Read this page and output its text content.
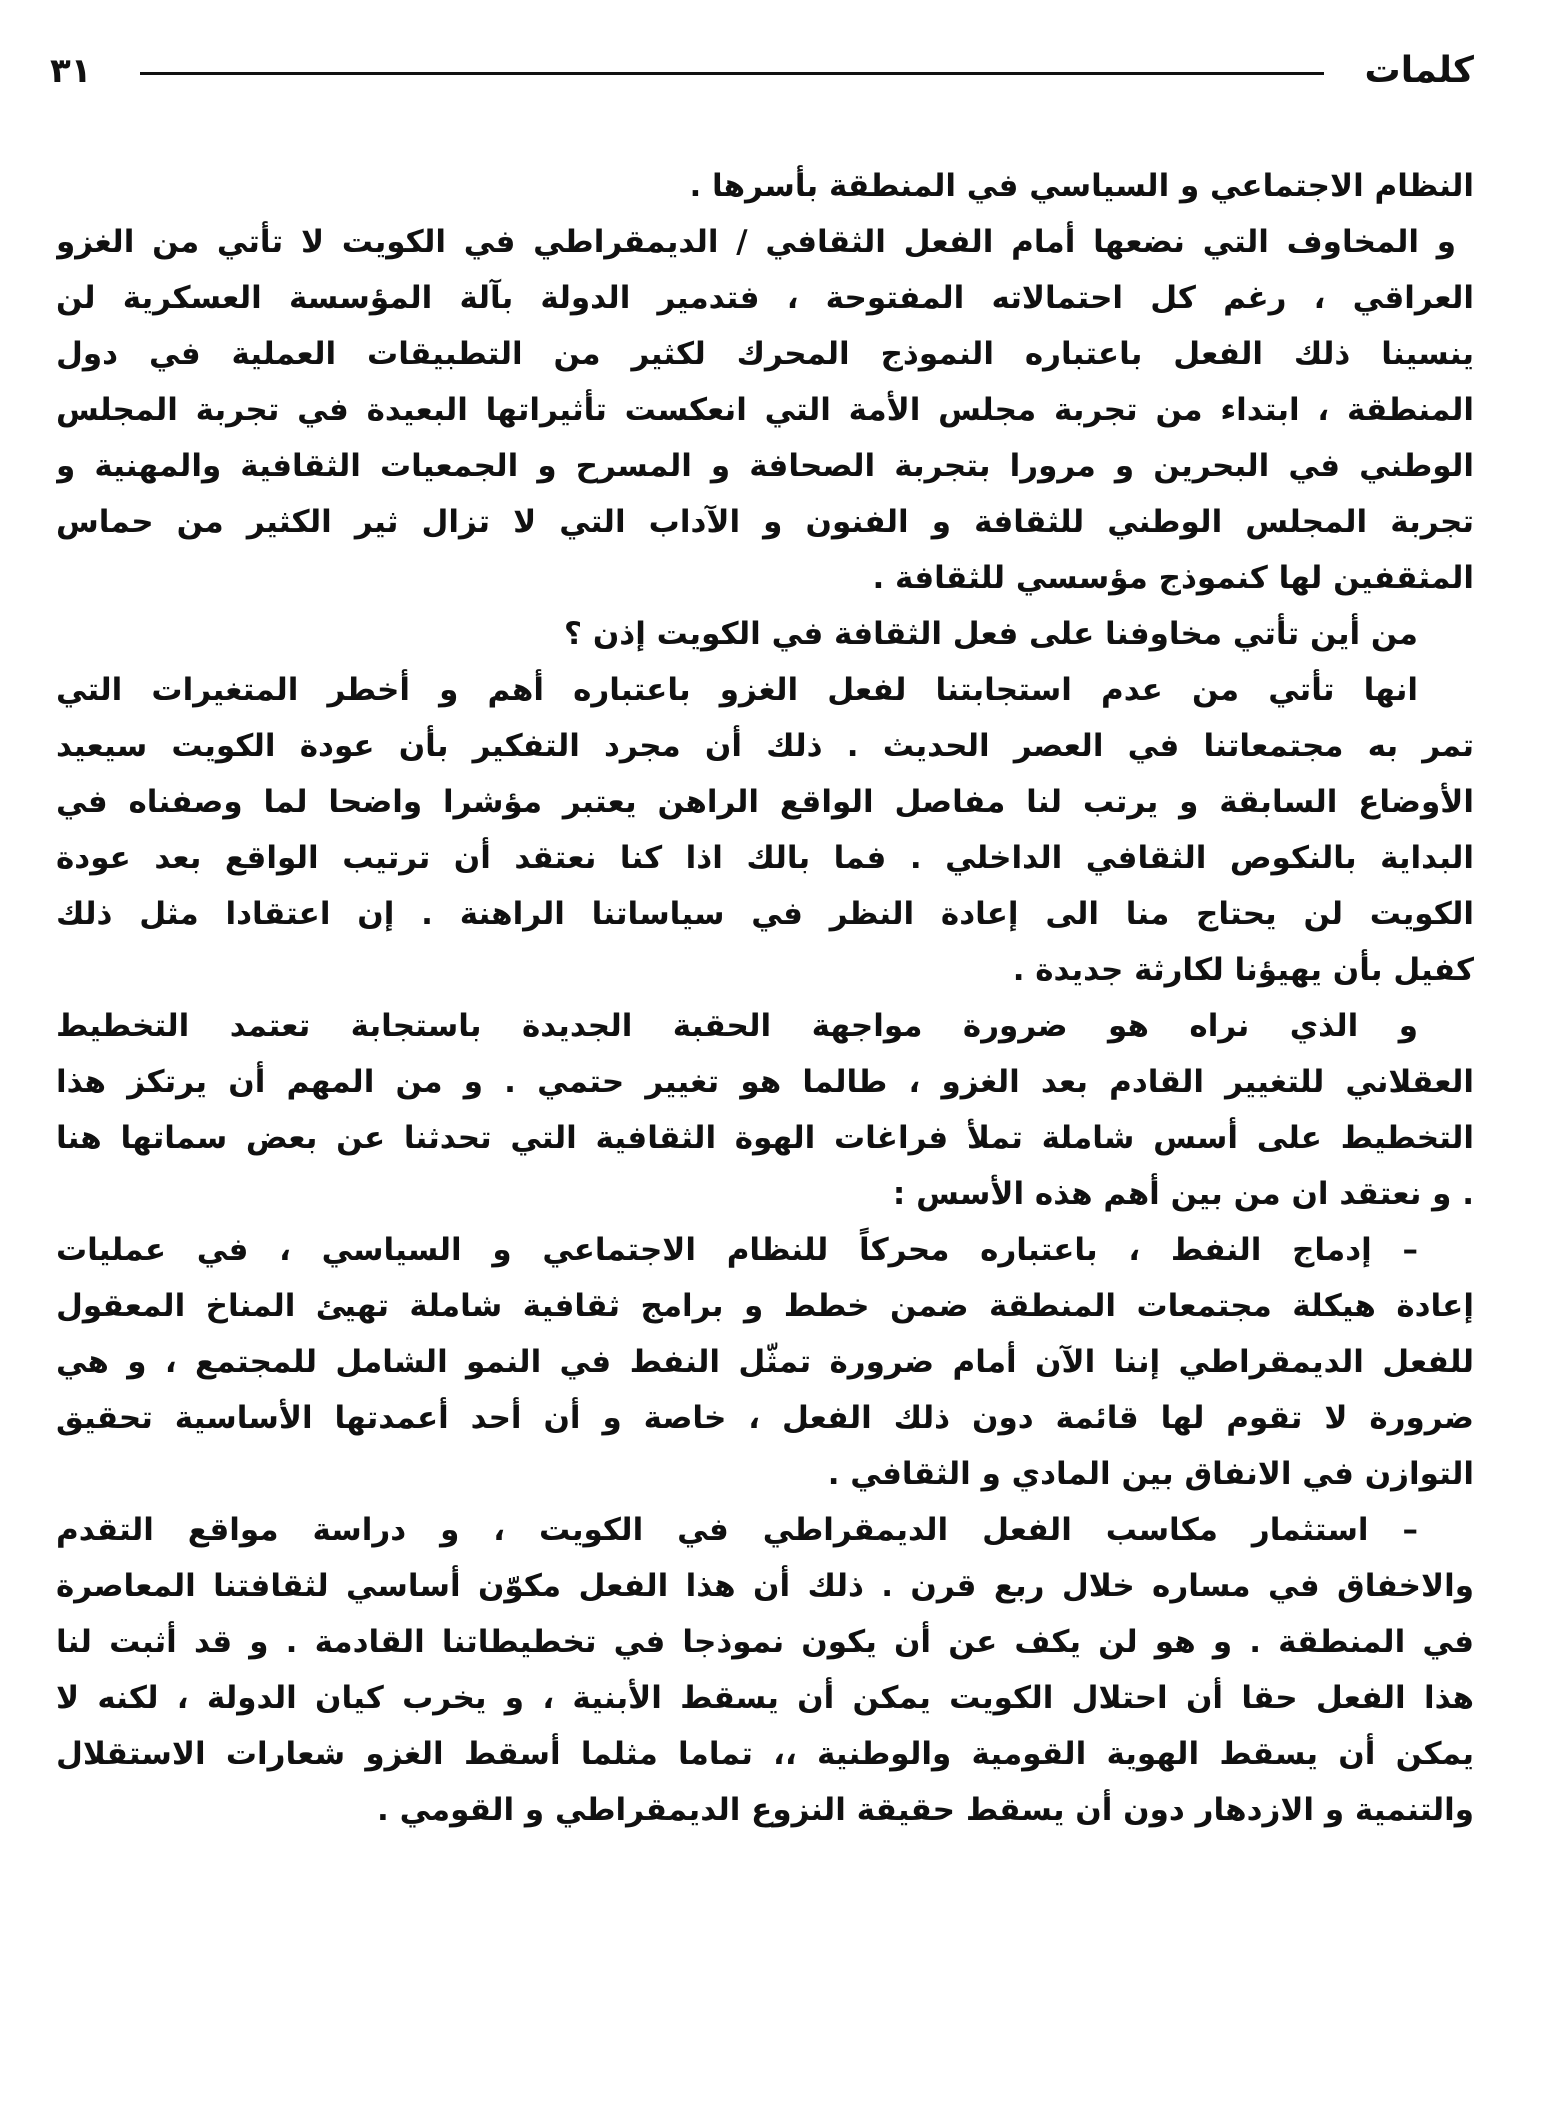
كلمات
٣١
النظام الاجتماعي و السياسي في المنطقة بأسرها .
و المخاوف التي نضعها أمام الفعل الثقافي / الديمقراطي في الكويت لا تأتي من الغزو
العراقي ، رغم كل احتمالاته المفتوحة ، فتدمير الدولة بآلة المؤسسة العسكرية لن
ينسينا ذلك الفعل باعتباره النموذج المحرك لكثير من التطبيقات العملية في دول
المنطقة ، ابتداء من تجربة مجلس الأمة التي انعكست تأثيراتها البعيدة في تجربة المجلس
الوطني في البحرين و مرورا بتجربة الصحافة و المسرح و الجمعيات الثقافية والمهنية و
تجربة المجلس الوطني للثقافة و الفنون و الآداب التي لا تزال ثير الكثير من حماس
المثقفين لها كنموذج مؤسسي للثقافة .
من أين تأتي مخاوفنا على فعل الثقافة في الكويت إذن ؟
انها تأتي من عدم استجابتنا لفعل الغزو باعتباره أهم و أخطر المتغيرات التي
تمر به مجتمعاتنا في العصر الحديث . ذلك أن مجرد التفكير بأن عودة الكويت سيعيد
الأوضاع السابقة و يرتب لنا مفاصل الواقع الراهن يعتبر مؤشرا واضحا لما وصفناه في
البداية بالنكوص الثقافي الداخلي . فما بالك اذا كنا نعتقد أن ترتيب الواقع بعد عودة
الكويت لن يحتاج منا الى إعادة النظر في سياساتنا الراهنة . إن اعتقادا مثل ذلك
كفيل بأن يهيؤنا لكارثة جديدة .
و الذي نراه هو ضرورة مواجهة الحقبة الجديدة باستجابة تعتمد التخطيط
العقلاني للتغيير القادم بعد الغزو ، طالما هو تغيير حتمي . و من المهم أن يرتكز هذا
التخطيط على أسس شاملة تملأ فراغات الهوة الثقافية التي تحدثنا عن بعض سماتها هنا
. و نعتقد ان من بين أهم هذه الأسس :
– إدماج النفط ، باعتباره محركاً للنظام الاجتماعي و السياسي ، في عمليات
إعادة هيكلة مجتمعات المنطقة ضمن خطط و برامج ثقافية شاملة تهيئ المناخ المعقول
للفعل الديمقراطي إننا الآن أمام ضرورة تمثّل النفط في النمو الشامل للمجتمع ، و هي
ضرورة لا تقوم لها قائمة دون ذلك الفعل ، خاصة و أن أحد أعمدتها الأساسية تحقيق
التوازن في الانفاق بين المادي و الثقافي .
– استثمار مكاسب الفعل الديمقراطي في الكويت ، و دراسة مواقع التقدم
والاخفاق في مساره خلال ربع قرن . ذلك أن هذا الفعل مكوّن أساسي لثقافتنا المعاصرة
في المنطقة . و هو لن يكف عن أن يكون نموذجا في تخطيطاتنا القادمة . و قد أثبت لنا
هذا الفعل حقا أن احتلال الكويت يمكن أن يسقط الأبنية ، و يخرب كيان الدولة ، لكنه لا
يمكن أن يسقط الهوية القومية والوطنية ،، تماما مثلما أسقط الغزو شعارات الاستقلال
والتنمية و الازدهار دون أن يسقط حقيقة النزوع الديمقراطي و القومي .
